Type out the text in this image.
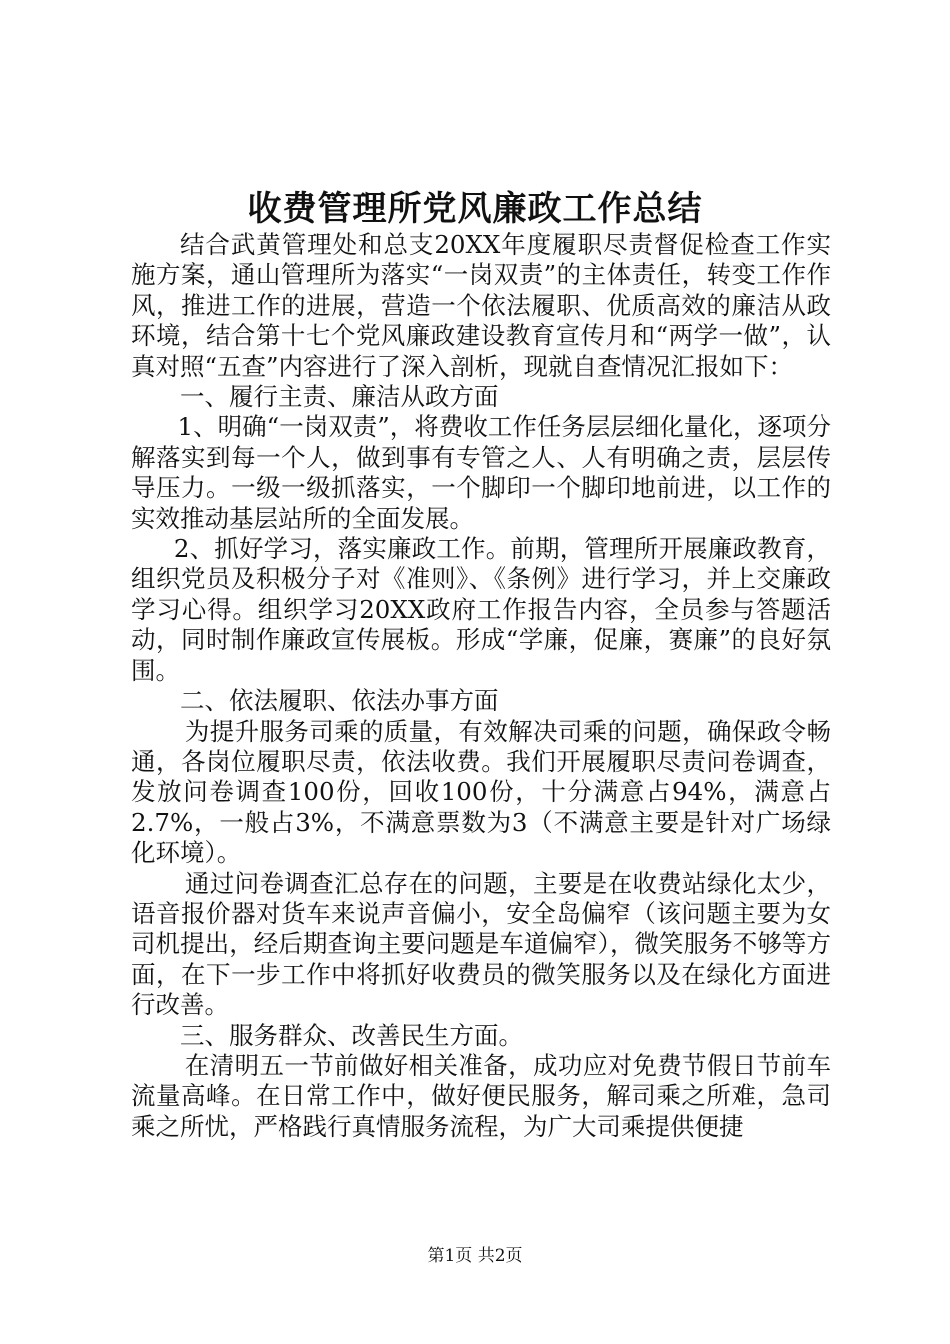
收费管理所党风廉政工作总结

结合武黄管理处和总支20XX年度履职尽责督促检查工作实施方案，通山管理所为落实“一岗双责”的主体责任，转变工作作风，推进工作的进展，营造一个依法履职、优质高效的廉洁从政环境，结合第十七个党风廉政建设教育宣传月和“两学一做”，认真对照“五查”内容进行了深入剖析，现就自查情况汇报如下：

一、履行主责、廉洁从政方面

1、明确“一岗双责”，将费收工作任务层层细化量化，逐项分解落实到每一个人，做到事有专管之人、人有明确之责，层层传导压力。一级一级抓落实，一个脚印一个脚印地前进，以工作的实效推动基层站所的全面发展。

2、抓好学习，落实廉政工作。前期，管理所开展廉政教育，组织党员及积极分子对《准则》、《条例》进行学习，并上交廉政学习心得。组织学习20XX政府工作报告内容，全员参与答题活动，同时制作廉政宣传展板。形成“学廉，促廉，赛廉”的良好氛围。

二、依法履职、依法办事方面

为提升服务司乘的质量，有效解决司乘的问题，确保政令畅通，各岗位履职尽责，依法收费。我们开展履职尽责问卷调查，发放问卷调查100份，回收100份，十分满意占94%，满意占2.7%，一般占3%，不满意票数为3（不满意主要是针对广场绿化环境）。

通过问卷调查汇总存在的问题，主要是在收费站绿化太少，语音报价器对货车来说声音偏小，安全岛偏窄（该问题主要为女司机提出，经后期查询主要问题是车道偏窄），微笑服务不够等方面，在下一步工作中将抓好收费员的微笑服务以及在绿化方面进行改善。

三、服务群众、改善民生方面。

在清明五一节前做好相关准备，成功应对免费节假日节前车流量高峰。在日常工作中，做好便民服务，解司乘之所难，急司乘之所忧，严格践行真情服务流程，为广大司乘提供便捷

第1页 共2页
